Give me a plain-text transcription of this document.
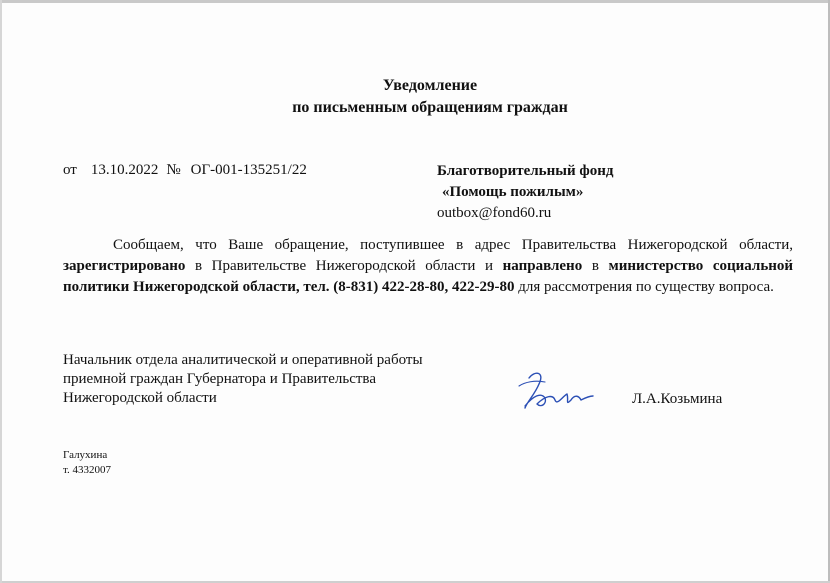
Уведомление
по письменным обращениям граждан
от 13.10.2022 № ОГ-001-135251/22	Благотворительный фонд
«Помощь пожилым»
outbox@fond60.ru
Сообщаем, что Ваше обращение, поступившее в адрес Правительства Нижегородской области, зарегистрировано в Правительстве Нижегородской области и направлено в министерство социальной политики Нижегородской области, тел. (8-831) 422-28-80, 422-29-80 для рассмотрения по существу вопроса.
Начальник отдела аналитической и оперативной работы
приемной граждан Губернатора и Правительства
Нижегородской области	Л.А.Козьмина
Галухина
т. 4332007
